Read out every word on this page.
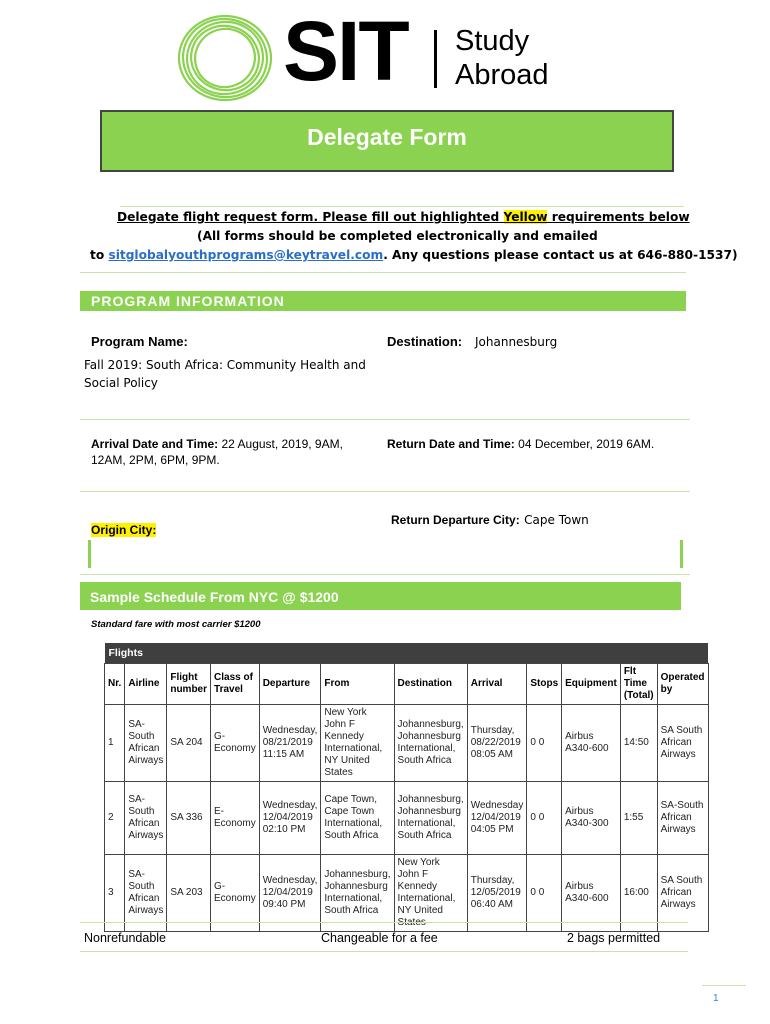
SIT Study
Abroad
Delegate Form
Delegate flight request form. Please fill out highlighted Yellow requirements below
(All forms should be completed electronically and emailed
to sitglobalyouthprograms@keytravel.com. Any questions please contact us at 646-880-1537)
PROGRAM INFORMATION
Program Name:
Fall 2019: South Africa: Community Health and
Social Policy
Destination: Johannesburg
Arrival Date and Time: 22 August, 2019, 9AM,
12AM, 2PM, 6PM, 9PM.
Return Date and Time: 04 December, 2019 6AM.
Return Departure City: Cape Town
Origin City:
Sample Schedule From NYC @ $1200
Standard fare with most carrier $1200
Flights											
Nr.	Airline	Flight number	Class of Travel	Departure	From	Destination	Arrival	Stops	Equipment	Flt Time (Total)	Operated by
1	SA-South African Airways	SA 204	G-Economy	Wednesday, 08/21/2019 11:15 AM	New York John F Kennedy International, NY United States	Johannesburg, Johannesburg International, South Africa	Thursday, 08/22/2019 08:05 AM	0 0	Airbus A340-600	14:50	SA South African Airways
2	SA-South African Airways	SA 336	E-Economy	Wednesday, 12/04/2019 02:10 PM	Cape Town, Cape Town International, South Africa	Johannesburg, Johannesburg International, South Africa	Wednesday 12/04/2019 04:05 PM	0 0	Airbus A340-300	1:55	SA-South African Airways
3	SA-South African Airways	SA 203	G-Economy	Wednesday, 12/04/2019 09:40 PM	Johannesburg, Johannesburg International, South Africa	New York John F Kennedy International, NY United	Thursday, 12/05/2019 06:40 AM	0 0	Airbus A340-600	16:00	SA South African Airways
Nonrefundable	Changeable for a fee	2 bags permitted
1
